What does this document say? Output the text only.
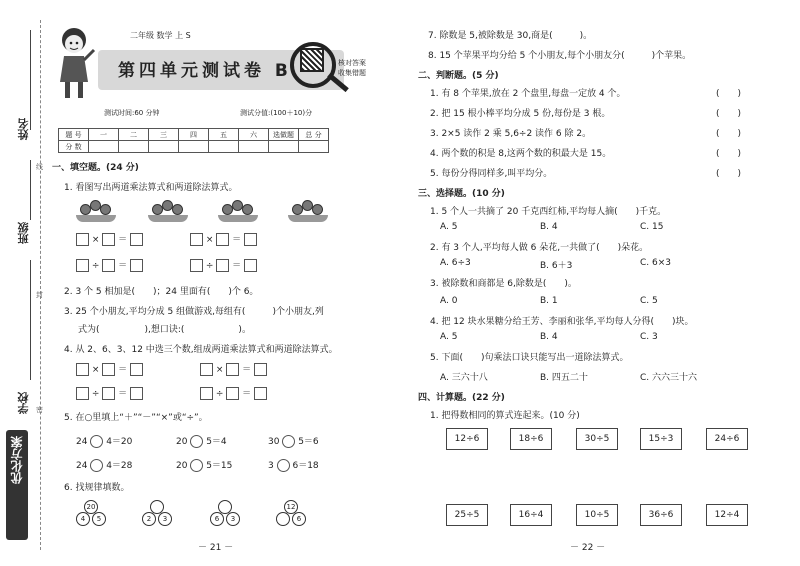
姓名
班级
学校
线
封
密
优化方案
二年级 数学 上 S
第四单元测试卷 B	核对答案
收集错题
测试时间:60 分钟	测试分值:(100＋10)分
题 号	一	二	三	四	五	六	选做题	总 分
分 数								
一、填空题。(24 分)
1. 看图写出两道乘法算式和两道除法算式。
× ＝	× ＝
÷ ＝	÷ ＝
2. 3 个 5 相加是(　　)；24 里面有(　　)个 6。
3. 25 个小朋友,平均分成 5 组做游戏,每组有(　　　)个小朋友,列
式为(　　　　　),想口诀:(　　　　　　)。
4. 从 2、6、3、12 中选三个数,组成两道乘法算式和两道除法算式。
× ＝	× ＝
÷ ＝	÷ ＝
5. 在○里填上“＋”“－”“×”或“÷”。
24 4＝20	20 5＝4	30 5＝6
24 4＝28	20 5＝15	3 6＝18
6. 找规律填数。
20
4	5	2	3	6	3
12
6
－ 21 －
7. 除数是 5,被除数是 30,商是(　　　)。
8. 15 个苹果平均分给 5 个小朋友,每个小朋友分(　　　)个苹果。
二、判断题。(5 分)
1. 有 8 个苹果,放在 2 个盘里,每盘一定放 4 个。	(　　)
2. 把 15 根小棒平均分成 5 份,每份是 3 根。	(　　)
3. 2×5 读作 2 乘 5,6÷2 读作 6 除 2。	(　　)
4. 两个数的积是 8,这两个数的积最大是 15。	(　　)
5. 每份分得同样多,叫平均分。	(　　)
三、选择题。(10 分)
1. 5 个人一共摘了 20 千克西红柿,平均每人摘(　　)千克。
A. 5	B. 4	C. 15
2. 有 3 个人,平均每人做 6 朵花,一共做了(　　)朵花。
A. 6÷3	B. 6＋3	C. 6×3
3. 被除数和商都是 6,除数是(　　)。
A. 0	B. 1	C. 5
4. 把 12 块水果糖分给王芳、李丽和张华,平均每人分得(　　)块。
A. 5	B. 4	C. 3
5. 下面(　　)句乘法口诀只能写出一道除法算式。
A. 三六十八	B. 四五二十	C. 六六三十六
四、计算题。(22 分)
1. 把得数相同的算式连起来。(10 分)
12÷6	18÷6	30÷5	15÷3	24÷6
25÷5	16÷4	10÷5	36÷6	12÷4
－ 22 －
